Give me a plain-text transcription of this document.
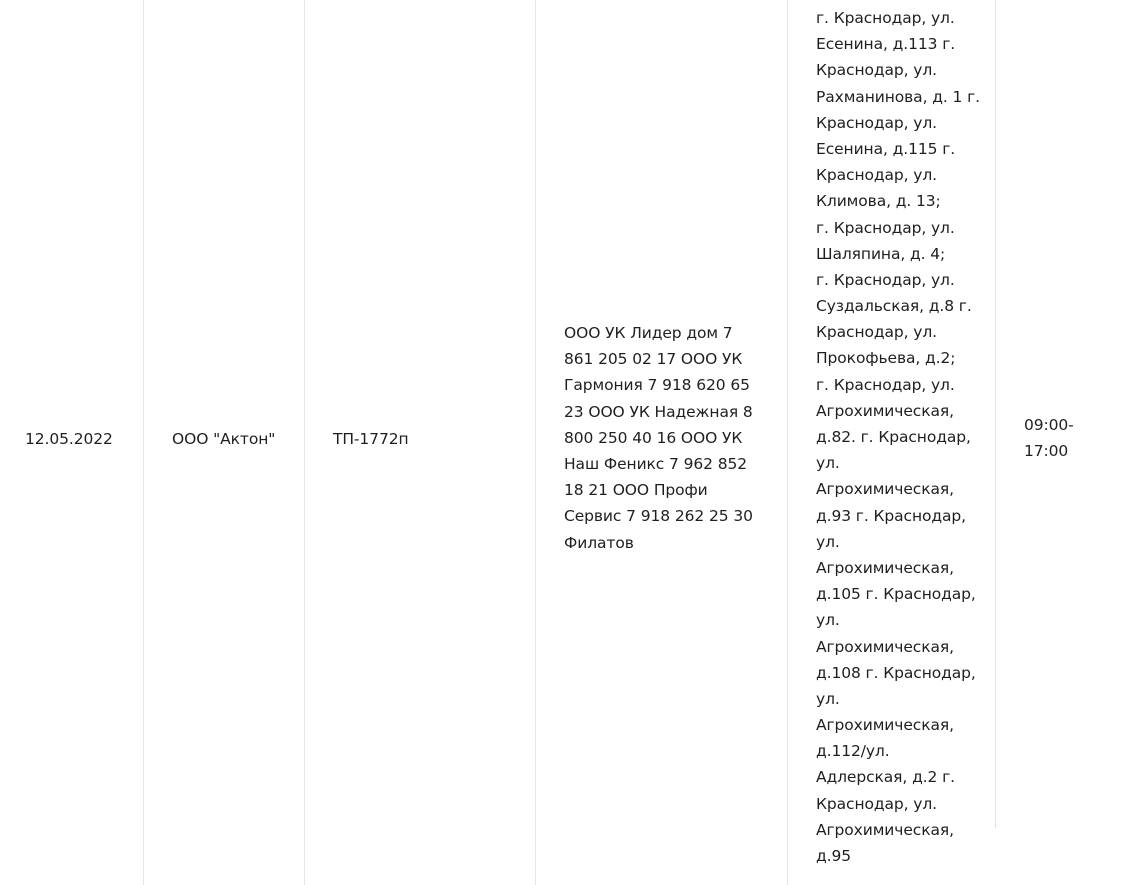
12.05.2022	ООО "Актон"	ТП-1772п
ООО УК Лидер дом 7
861 205 02 17 ООО УК
Гармония 7 918 620 65
23 ООО УК Надежная 8
800 250 40 16 ООО УК
Наш Феникс 7 962 852
18 21 ООО Профи
Сервис 7 918 262 25 30
Филатов
г. Краснодар, ул.
Есенина, д.113 г.
Краснодар, ул.
Рахманинова, д. 1 г.
Краснодар, ул.
Есенина, д.115 г.
Краснодар, ул.
Климова, д. 13;
г. Краснодар, ул.
Шаляпина, д. 4;
г. Краснодар, ул.
Суздальская, д.8 г.
Краснодар, ул.
Прокофьева, д.2;
г. Краснодар, ул.
Агрохимическая,
д.82. г. Краснодар,
ул.
Агрохимическая,
д.93 г. Краснодар,
ул.
Агрохимическая,
д.105 г. Краснодар,
ул.
Агрохимическая,
д.108 г. Краснодар,
ул.
Агрохимическая,
д.112/ул.
Адлерская, д.2 г.
Краснодар, ул.
Агрохимическая,
д.95
09:00-
17:00
